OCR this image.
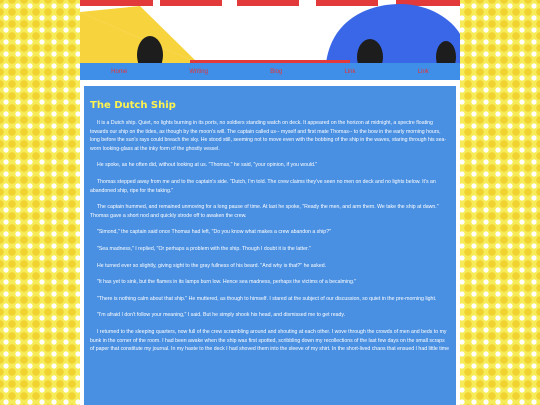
Home	Writing	Blog	Link	Link
The Dutch Ship

It is a Dutch ship. Quiet, no lights burning in its ports, no soldiers standing watch on deck. It appeared on the horizon at midnight, a spectre floating towards our ship on the tides, as though by the moon's will. The captain called us-- myself and first mate Thomas-- to the bow in the early morning hours, long before the sun's rays could breach the sky. He stood still, seeming not to move even with the bobbing of the ship in the waves, staring through his sea-worn looking-glass at the inky form of the ghostly vessel.

He spoke, as he often did, without looking at us. "Thomas," he said, "your opinion, if you would."

Thomas stepped away from me and to the captain's side. "Dutch, I'm told. The crew claims they've seen no men on deck and no lights below. It's an abandoned ship, ripe for the taking."

The captain hummed, and remained unmoving for a long pause of time. At last he spoke, "Ready the men, and arm them. We take the ship at dawn." Thomas gave a short nod and quickly strode off to awaken the crew.

"Simond," the captain said once Thomas had left, "Do you know what makes a crew abandon a ship?"

"Sea madness," I replied, "Or perhaps a problem with the ship. Though I doubt it is the latter."

He turned ever so slightly, giving sight to the gray fullness of his beard. "And why is that?" he asked.

"It has yet to sink, but the flames in its lamps burn low. Hence sea madness, perhaps the victims of a becalming."

"There is nothing calm about that ship." He muttered, as though to himself. I stared at the subject of our discussion, so quiet in the pre-morning light.

"I'm afraid I don't follow your meaning," I said. But he simply shook his head, and dismissed me to get ready.

I returned to the sleeping quarters, now full of the crew scrambling around and shouting at each other. I wove through the crowds of men and beds to my bunk in the corner of the room. I had been awake when the ship was first spotted, scribbling down my recollections of the last few days on the small scraps of paper that constitute my journal. In my haste to the deck I had shoved them into the sleeve of my shirt. In the short-lived chaos that ensued I had little time
